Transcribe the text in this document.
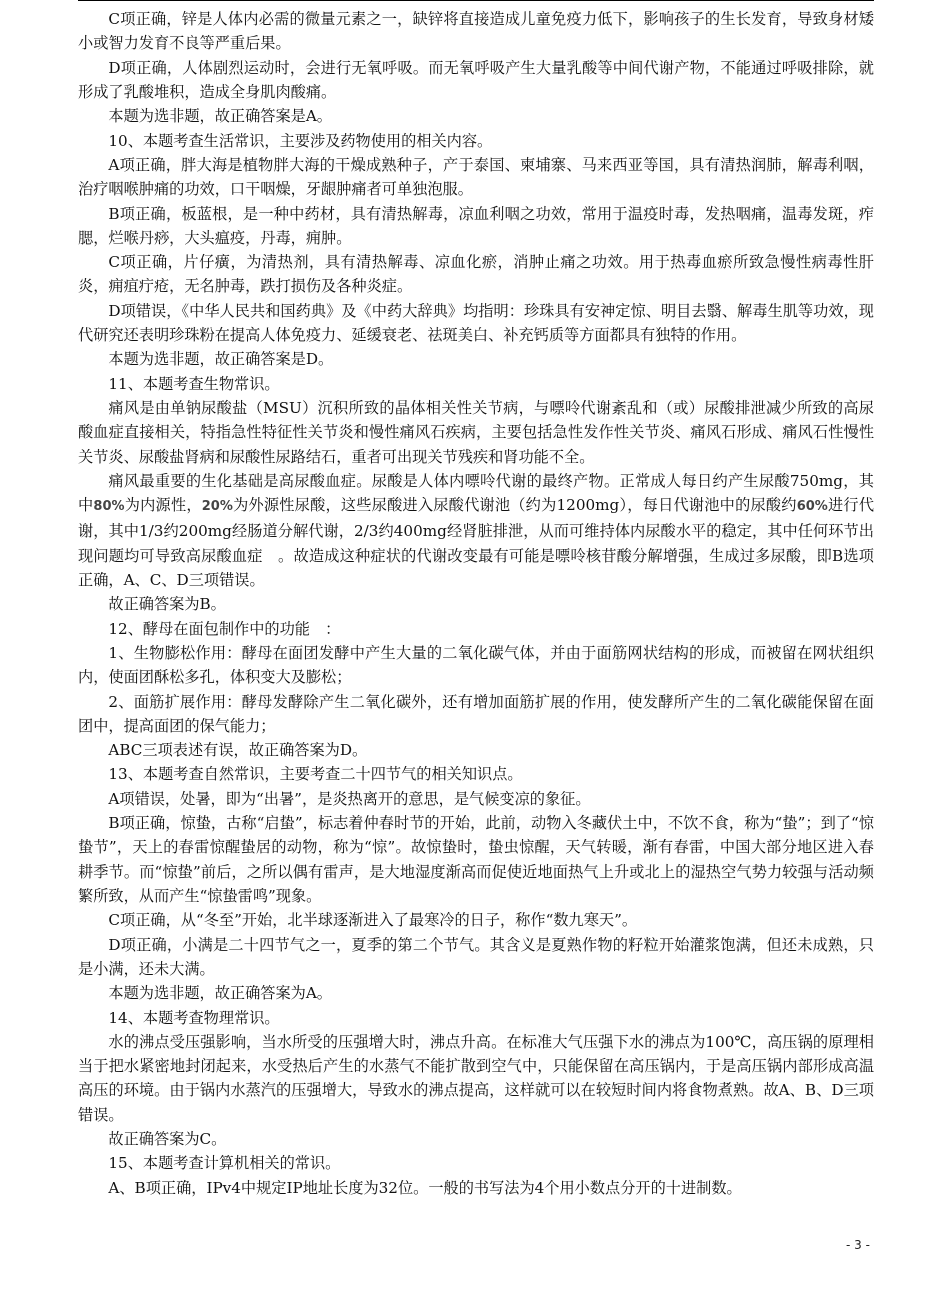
C项正确，锌是人体内必需的微量元素之一，缺锌将直接造成儿童免疫力低下，影响孩子的生长发育，导致身材矮小或智力发育不良等严重后果。

D项正确，人体剧烈运动时，会进行无氧呼吸。而无氧呼吸产生大量乳酸等中间代谢产物，不能通过呼吸排除，就形成了乳酸堆积，造成全身肌肉酸痛。

本题为选非题，故正确答案是A。

10、本题考查生活常识，主要涉及药物使用的相关内容。

A项正确，胖大海是植物胖大海的干燥成熟种子，产于泰国、柬埔寨、马来西亚等国，具有清热润肺，解毒利咽，治疗咽喉肿痛的功效，口干咽燥，牙龈肿痛者可单独泡服。

B项正确，板蓝根，是一种中药材，具有清热解毒，凉血利咽之功效，常用于温疫时毒，发热咽痛，温毒发斑，痄腮，烂喉丹痧，大头瘟疫，丹毒，痈肿。

C项正确，片仔癀，为清热剂，具有清热解毒、凉血化瘀，消肿止痛之功效。用于热毒血瘀所致急慢性病毒性肝炎，痈疽疔疮，无名肿毒，跌打损伤及各种炎症。

D项错误，《中华人民共和国药典》及《中药大辞典》均指明：珍珠具有安神定惊、明目去翳、解毒生肌等功效，现代研究还表明珍珠粉在提高人体免疫力、延缓衰老、祛斑美白、补充钙质等方面都具有独特的作用。

本题为选非题，故正确答案是D。

11、本题考查生物常识。

痛风是由单钠尿酸盐（MSU）沉积所致的晶体相关性关节病，与嘌呤代谢紊乱和（或）尿酸排泄减少所致的高尿酸血症直接相关，特指急性特征性关节炎和慢性痛风石疾病，主要包括急性发作性关节炎、痛风石形成、痛风石性慢性关节炎、尿酸盐肾病和尿酸性尿路结石，重者可出现关节残疾和肾功能不全。

痛风最重要的生化基础是高尿酸血症。尿酸是人体内嘌呤代谢的最终产物。正常成人每日约产生尿酸750mg，其中80%为内源性，20%为外源性尿酸，这些尿酸进入尿酸代谢池（约为1200mg），每日代谢池中的尿酸约60%进行代谢，其中1/3约200mg经肠道分解代谢，2/3约400mg经肾脏排泄，从而可维持体内尿酸水平的稳定，其中任何环节出现问题均可导致高尿酸血症　。故造成这种症状的代谢改变最有可能是嘌呤核苷酸分解增强，生成过多尿酸，即B选项正确，A、C、D三项错误。

故正确答案为B。

12、酵母在面包制作中的功能　：

1、生物膨松作用：酵母在面团发酵中产生大量的二氧化碳气体，并由于面筋网状结构的形成，而被留在网状组织内，使面团酥松多孔，体积变大及膨松；

2、面筋扩展作用：酵母发酵除产生二氧化碳外，还有增加面筋扩展的作用，使发酵所产生的二氧化碳能保留在面团中，提高面团的保气能力；

ABC三项表述有误，故正确答案为D。

13、本题考查自然常识，主要考查二十四节气的相关知识点。

A项错误，处暑，即为“出暑”，是炎热离开的意思，是气候变凉的象征。

B项正确，惊蛰，古称“启蛰”，标志着仲春时节的开始，此前，动物入冬藏伏土中，不饮不食，称为“蛰”；到了“惊蛰节”，天上的春雷惊醒蛰居的动物，称为“惊”。故惊蛰时，蛰虫惊醒，天气转暖，渐有春雷，中国大部分地区进入春耕季节。而“惊蛰”前后，之所以偶有雷声，是大地湿度渐高而促使近地面热气上升或北上的湿热空气势力较强与活动频繁所致，从而产生“惊蛰雷鸣”现象。

C项正确，从“冬至”开始，北半球逐渐进入了最寒冷的日子，称作“数九寒天”。

D项正确，小满是二十四节气之一，夏季的第二个节气。其含义是夏熟作物的籽粒开始灌浆饱满，但还未成熟，只是小满，还未大满。

本题为选非题，故正确答案为A。

14、本题考查物理常识。

水的沸点受压强影响，当水所受的压强增大时，沸点升高。在标准大气压强下水的沸点为100℃，高压锅的原理相当于把水紧密地封闭起来，水受热后产生的水蒸气不能扩散到空气中，只能保留在高压锅内，于是高压锅内部形成高温高压的环境。由于锅内水蒸汽的压强增大，导致水的沸点提高，这样就可以在较短时间内将食物煮熟。故A、B、D三项错误。

故正确答案为C。

15、本题考查计算机相关的常识。

A、B项正确，IPv4中规定IP地址长度为32位。一般的书写法为4个用小数点分开的十进制数。

- 3 -
